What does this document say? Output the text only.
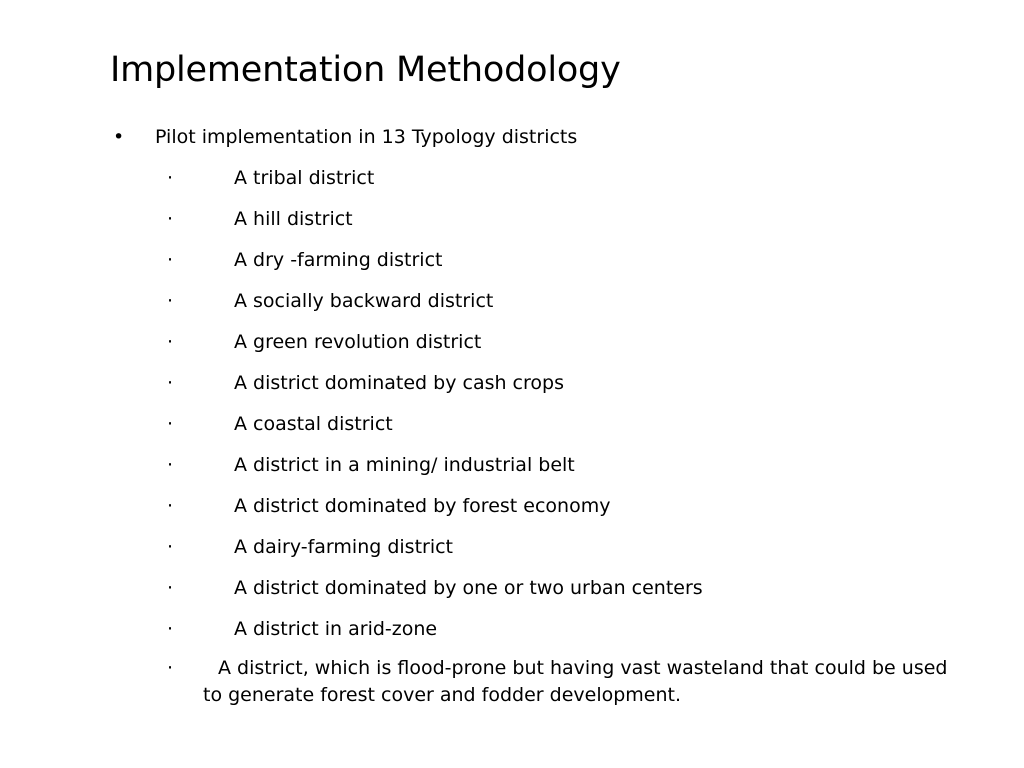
Implementation Methodology
• Pilot implementation in 13 Typology districts
·	A tribal district
·	A hill district
·	A dry -farming district
·	A socially backward district
·	A green revolution district
·	A district dominated by cash crops
·	A coastal district
·	A district in a mining/ industrial belt
·	A district dominated by forest economy
·	A dairy-farming district
·	A district dominated by one or two urban centers
·	A district in arid-zone
· A district, which is flood-prone but having vast wasteland that could be used
to generate forest cover and fodder development.
